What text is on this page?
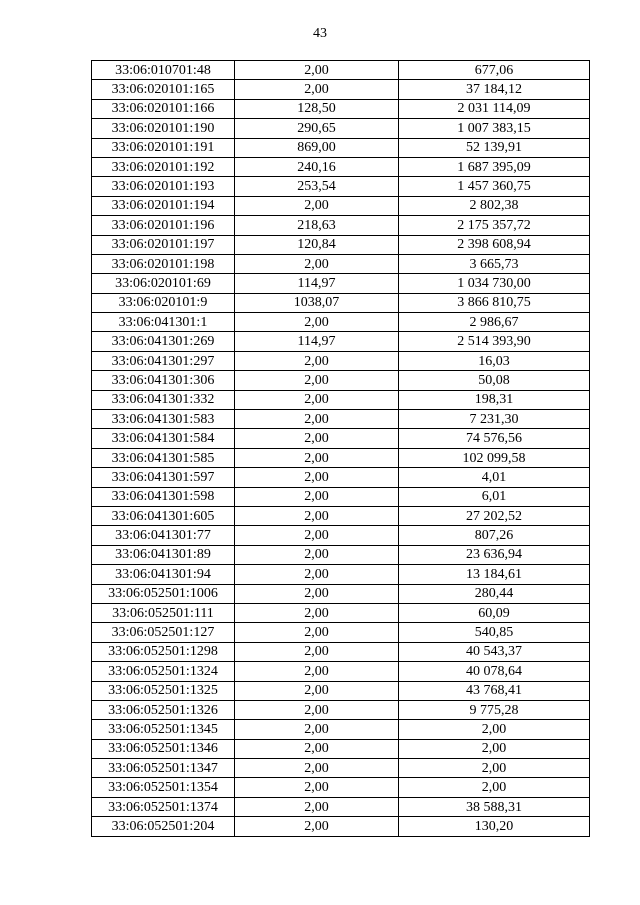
43
33:06:010701:48	2,00	677,06
33:06:020101:165	2,00	37 184,12
33:06:020101:166	128,50	2 031 114,09
33:06:020101:190	290,65	1 007 383,15
33:06:020101:191	869,00	52 139,91
33:06:020101:192	240,16	1 687 395,09
33:06:020101:193	253,54	1 457 360,75
33:06:020101:194	2,00	2 802,38
33:06:020101:196	218,63	2 175 357,72
33:06:020101:197	120,84	2 398 608,94
33:06:020101:198	2,00	3 665,73
33:06:020101:69	114,97	1 034 730,00
33:06:020101:9	1038,07	3 866 810,75
33:06:041301:1	2,00	2 986,67
33:06:041301:269	114,97	2 514 393,90
33:06:041301:297	2,00	16,03
33:06:041301:306	2,00	50,08
33:06:041301:332	2,00	198,31
33:06:041301:583	2,00	7 231,30
33:06:041301:584	2,00	74 576,56
33:06:041301:585	2,00	102 099,58
33:06:041301:597	2,00	4,01
33:06:041301:598	2,00	6,01
33:06:041301:605	2,00	27 202,52
33:06:041301:77	2,00	807,26
33:06:041301:89	2,00	23 636,94
33:06:041301:94	2,00	13 184,61
33:06:052501:1006	2,00	280,44
33:06:052501:111	2,00	60,09
33:06:052501:127	2,00	540,85
33:06:052501:1298	2,00	40 543,37
33:06:052501:1324	2,00	40 078,64
33:06:052501:1325	2,00	43 768,41
33:06:052501:1326	2,00	9 775,28
33:06:052501:1345	2,00	2,00
33:06:052501:1346	2,00	2,00
33:06:052501:1347	2,00	2,00
33:06:052501:1354	2,00	2,00
33:06:052501:1374	2,00	38 588,31
33:06:052501:204	2,00	130,20
